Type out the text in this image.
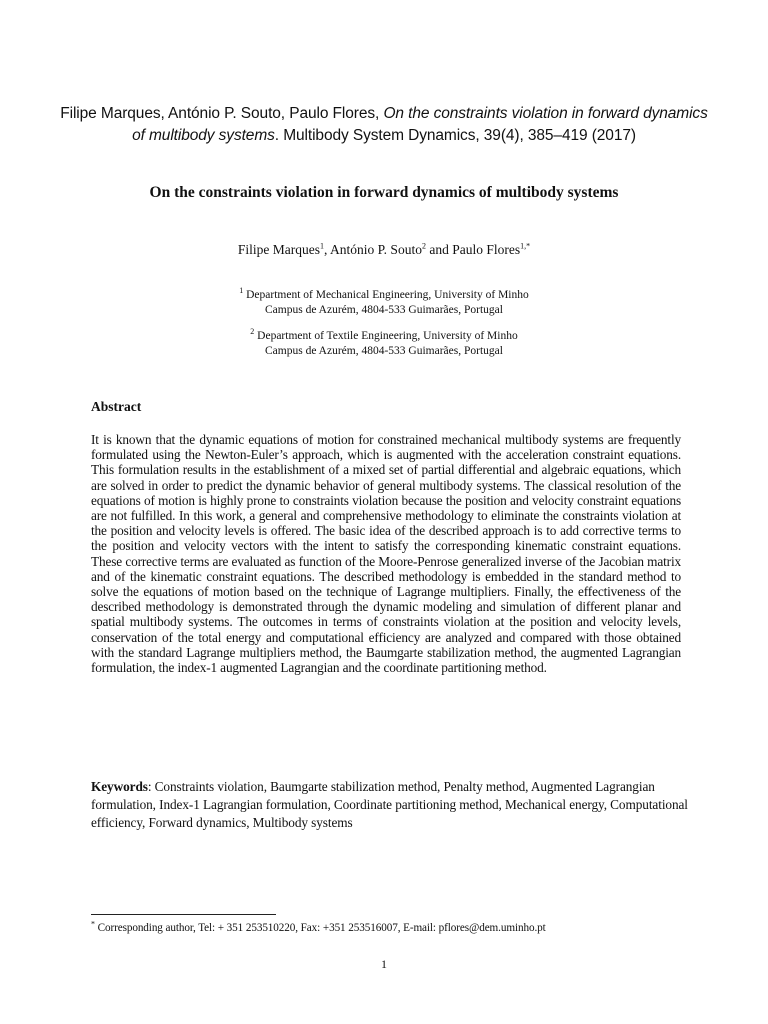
Filipe Marques, António P. Souto, Paulo Flores, On the constraints violation in forward dynamics of multibody systems. Multibody System Dynamics, 39(4), 385–419 (2017)
On the constraints violation in forward dynamics of multibody systems
Filipe Marques$^1$, António P. Souto$^2$ and Paulo Flores$^{1,*}$
$^1$ Department of Mechanical Engineering, University of Minho
Campus de Azurém, 4804-533 Guimarães, Portugal
$^2$ Department of Textile Engineering, University of Minho
Campus de Azurém, 4804-533 Guimarães, Portugal
Abstract
It is known that the dynamic equations of motion for constrained mechanical multibody systems are frequently formulated using the Newton-Euler’s approach, which is augmented with the acceleration constraint equations. This formulation results in the establishment of a mixed set of partial differential and algebraic equations, which are solved in order to predict the dynamic behavior of general multibody systems. The classical resolution of the equations of motion is highly prone to constraints violation because the position and velocity constraint equations are not fulfilled. In this work, a general and comprehensive methodology to eliminate the constraints violation at the position and velocity levels is offered. The basic idea of the described approach is to add corrective terms to the position and velocity vectors with the intent to satisfy the corresponding kinematic constraint equations. These corrective terms are evaluated as function of the Moore-Penrose generalized inverse of the Jacobian matrix and of the kinematic constraint equations. The described methodology is embedded in the standard method to solve the equations of motion based on the technique of Lagrange multipliers. Finally, the effectiveness of the described methodology is demonstrated through the dynamic modeling and simulation of different planar and spatial multibody systems. The outcomes in terms of constraints violation at the position and velocity levels, conservation of the total energy and computational efficiency are analyzed and compared with those obtained with the standard Lagrange multipliers method, the Baumgarte stabilization method, the augmented Lagrangian formulation, the index-1 augmented Lagrangian and the coordinate partitioning method.
Keywords: Constraints violation, Baumgarte stabilization method, Penalty method, Augmented Lagrangian formulation, Index-1 Lagrangian formulation, Coordinate partitioning method, Mechanical energy, Computational efficiency, Forward dynamics, Multibody systems
* Corresponding author, Tel: + 351 253510220, Fax: +351 253516007, E-mail: pflores@dem.uminho.pt
1
